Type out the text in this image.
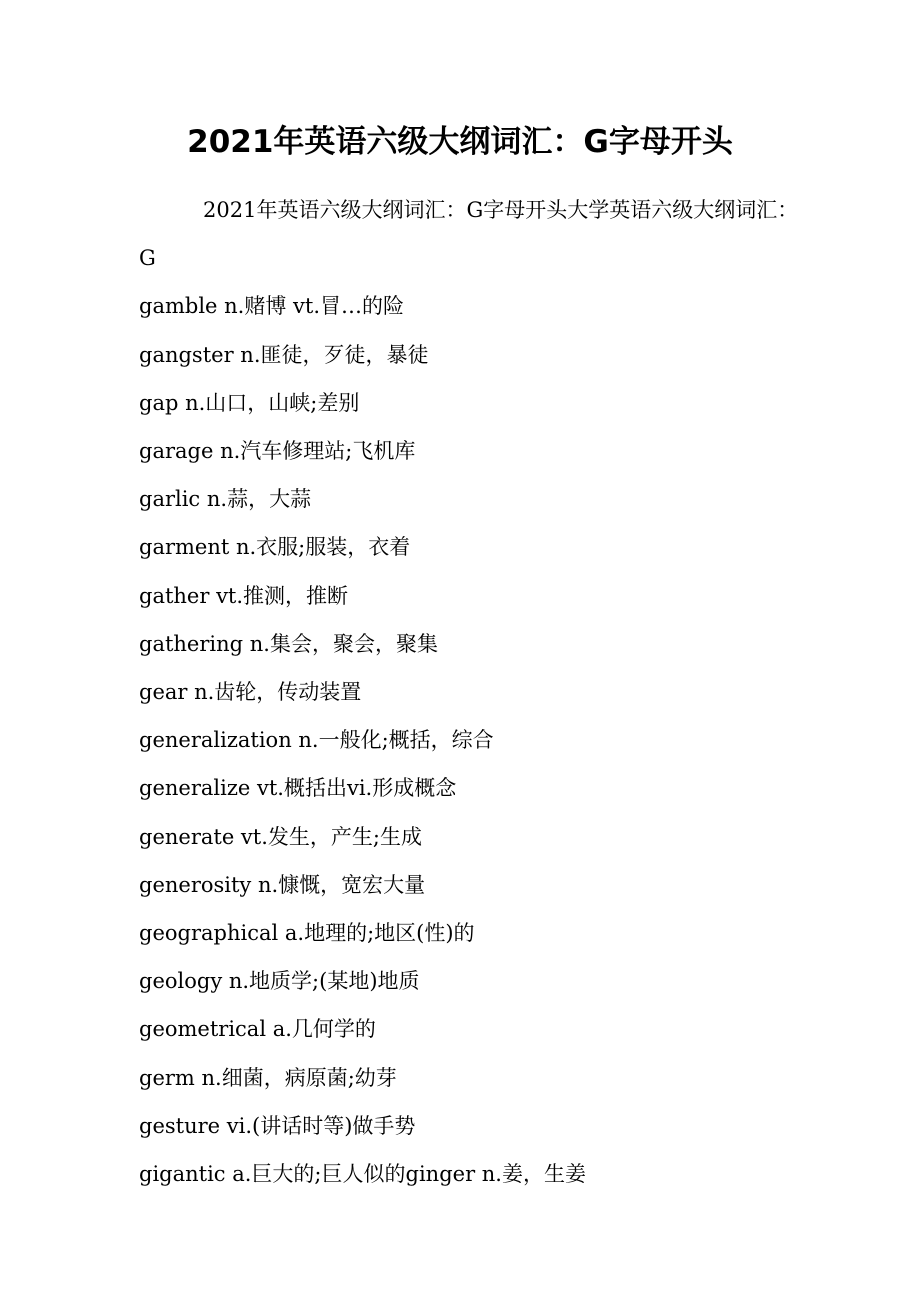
2021年英语六级大纲词汇：G字母开头

2021年英语六级大纲词汇：G字母开头大学英语六级大纲词汇：G

gamble n.赌博 vt.冒…的险
gangster n.匪徒，歹徒，暴徒
gap n.山口，山峡;差别
garage n.汽车修理站;飞机库
garlic n.蒜，大蒜
garment n.衣服;服装，衣着
gather vt.推测，推断
gathering n.集会，聚会，聚集
gear n.齿轮，传动装置
generalization n.一般化;概括，综合
generalize vt.概括出vi.形成概念
generate vt.发生，产生;生成
generosity n.慷慨，宽宏大量
geographical a.地理的;地区(性)的
geology n.地质学;(某地)地质
geometrical a.几何学的
germ n.细菌，病原菌;幼芽
gesture vi.(讲话时等)做手势
gigantic a.巨大的;巨人似的ginger n.姜，生姜
